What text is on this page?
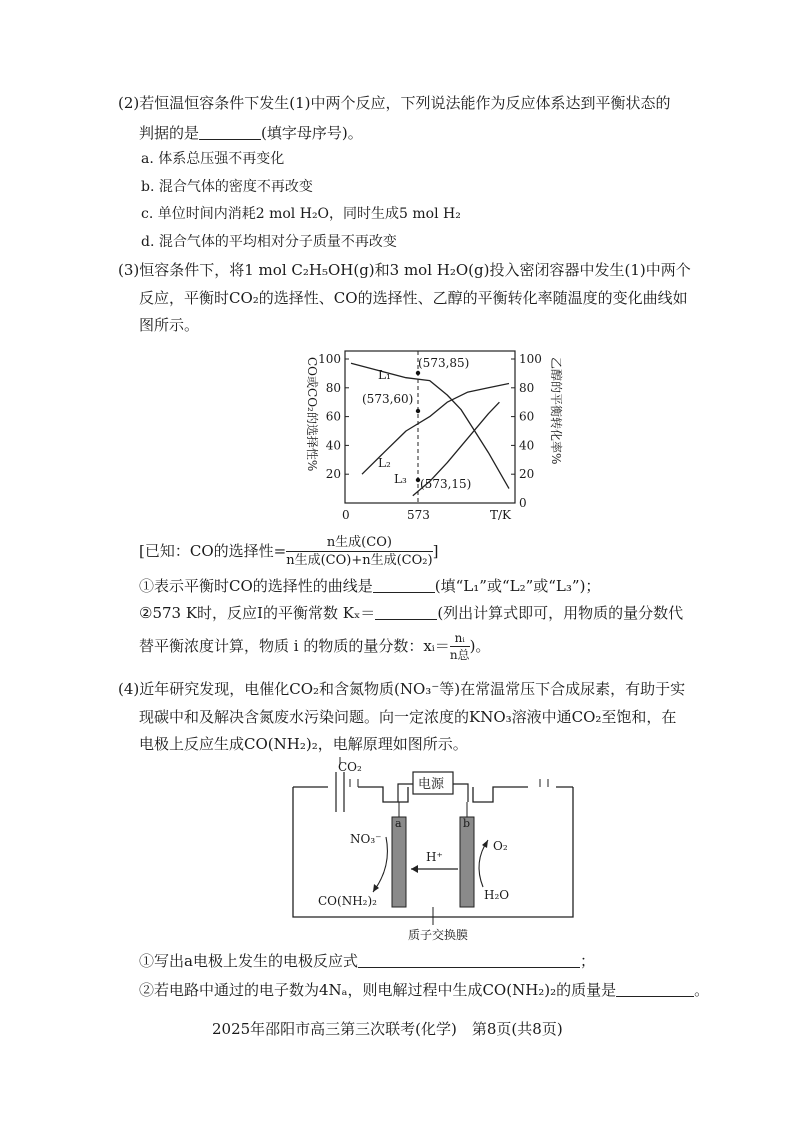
(2)若恒温恒容条件下发生(1)中两个反应，下列说法能作为反应体系达到平衡状态的
判据的是	(填字母序号)。
a. 体系总压强不再变化
b. 混合气体的密度不再改变
c. 单位时间内消耗2 mol H₂O，同时生成5 mol H₂
d. 混合气体的平均相对分子质量不再改变
(3)恒容条件下，将1 mol C₂H₅OH(g)和3 mol H₂O(g)投入密闭容器中发生(1)中两个
反应，平衡时CO₂的选择性、CO的选择性、乙醇的平衡转化率随温度的变化曲线如
图所示。
20
40
60
80
100
0
20
40
60
80
100
(573,85)
(573,60)
(573,15)
L₁
L₂
L₃
0	573	T/K
CO或CO₂的选择性%	乙醇的平衡转化率%
[已知：CO的选择性= $\frac{\text{n生成(CO)}}{\text{n生成(CO)+n生成(CO₂)}}$ ]
①表示平衡时CO的选择性的曲线是	(填“L₁”或“L₂”或“L₃”)；
②573 K时，反应Ⅰ的平衡常数 Kₓ＝	(列出计算式即可，用物质的量分数代
替平衡浓度计算，物质 i 的物质的量分数：xᵢ＝ $\frac{\text{nᵢ}}{\text{n总}}$ )。
(4)近年研究发现，电催化CO₂和含氮物质(NO₃⁻等)在常温常压下合成尿素，有助于实
现碳中和及解决含氮废水污染问题。向一定浓度的KNO₃溶液中通CO₂至饱和，在
电极上反应生成CO(NH₂)₂，电解原理如图所示。
CO₂
电源
a	b
H⁺
NO₃⁻
CO(NH₂)₂
O₂
H₂O
质子交换膜
①写出a电极上发生的电极反应式	；
②若电路中通过的电子数为4Nₐ，则电解过程中生成CO(NH₂)₂的质量是	。
2025年邵阳市高三第三次联考(化学)　第8页(共8页)
